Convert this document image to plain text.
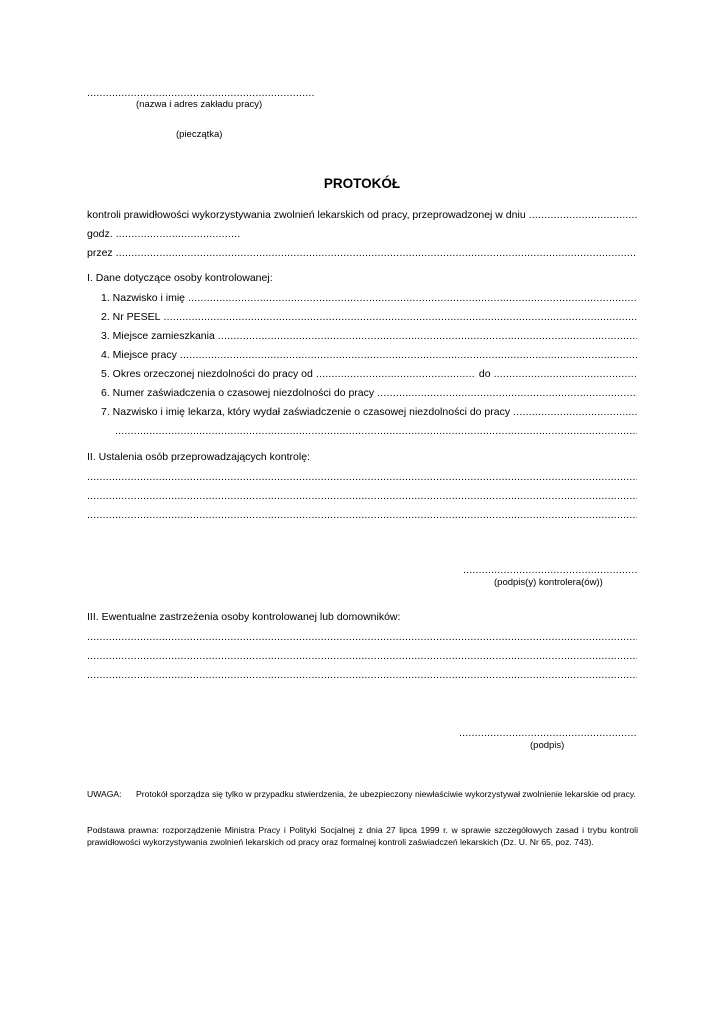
.....
(nazwa i adres zakładu pracy)
(pieczątka)
PROTOKÓŁ
kontroli prawidłowości wykorzystywania zwolnień lekarskich od pracy, przeprowadzonej w dniu
.....
godz.
.....
przez
.....
I. Dane dotyczące osoby kontrolowanej:
1. Nazwisko i imię
.....
2. Nr PESEL
.....
3. Miejsce zamieszkania
.....
4. Miejsce pracy
.....
5. Okres orzeczonej niezdolności do pracy od
.....	do
.....
6. Numer zaświadczenia o czasowej niezdolności do pracy
.....
7. Nazwisko i imię lekarza, który wydał zaświadczenie o czasowej niezdolności do pracy
.....
.....
II. Ustalenia osób przeprowadzających kontrolę:
.....
.....
.....
.....
(podpis(y) kontrolera(ów))
III. Ewentualne zastrzeżenia osoby kontrolowanej lub domowników:
.....
.....
.....
.....
(podpis)
UWAGA: Protokół sporządza się tylko w przypadku stwierdzenia, że ubezpieczony niewłaściwie wykorzystywał zwolnienie lekarskie od pracy.
Podstawa prawna: rozporządzenie Ministra Pracy i Polityki Socjalnej z dnia 27 lipca 1999 r. w sprawie szczegółowych zasad i trybu kontroli prawidłowości wykorzystywania zwolnień lekarskich od pracy oraz formalnej kontroli zaświadczeń lekarskich (Dz. U. Nr 65, poz. 743).
